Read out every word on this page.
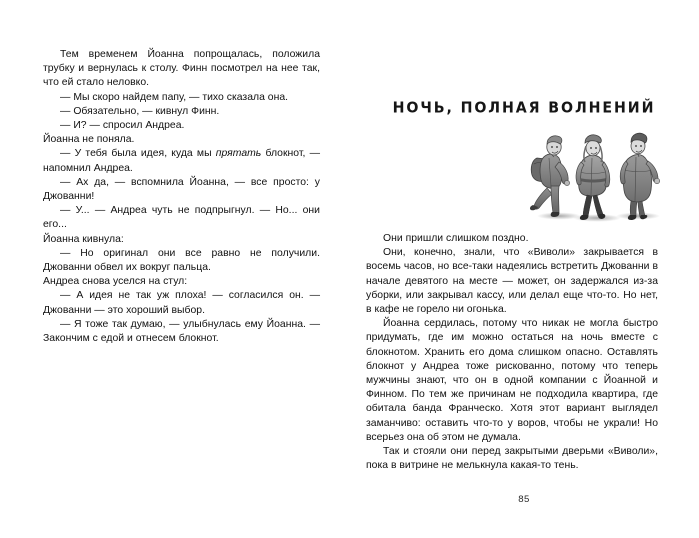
Тем временем Йоанна попрощалась, положила трубку и вернулась к столу. Финн посмотрел на нее так, что ей стало неловко.

— Мы скоро найдем папу, — тихо сказала она.

— Обязательно, — кивнул Финн.

— И? — спросил Андреа.

Йоанна не поняла.

— У тебя была идея, куда мы прятать блокнот, — напомнил Андреа.

— Ах да, — вспомнила Йоанна, — все просто: у Джованни!

— У... — Андреа чуть не подпрыгнул. — Но... они его...

Йоанна кивнула:

— Но оригинал они все равно не получили. Джованни обвел их вокруг пальца.

Андреа снова уселся на стул:

— А идея не так уж плоха! — согласился он. — Джованни — это хороший выбор.

— Я тоже так думаю, — улыбнулась ему Йоанна. — Закончим с едой и отнесем блокнот.

НОЧЬ, ПОЛНАЯ ВОЛНЕНИЙ

Они пришли слишком поздно.

Они, конечно, знали, что «Виволи» закрывается в восемь часов, но все-таки надеялись встретить Джованни в начале девятого на месте — может, он задержался из-за уборки, или закрывал кассу, или делал еще что-то. Но нет, в кафе не горело ни огонька.

Йоанна сердилась, потому что никак не могла быстро придумать, где им можно остаться на ночь вместе с блокнотом. Хранить его дома слишком опасно. Оставлять блокнот у Андреа тоже рискованно, потому что теперь мужчины знают, что он в одной компании с Йоанной и Финном. По тем же причинам не подходила квартира, где обитала банда Франческо. Хотя этот вариант выглядел заманчиво: оставить что-то у воров, чтобы не украли! Но всерьез она об этом не думала.

Так и стояли они перед закрытыми дверьми «Виволи», пока в витрине не мелькнула какая-то тень.

85
